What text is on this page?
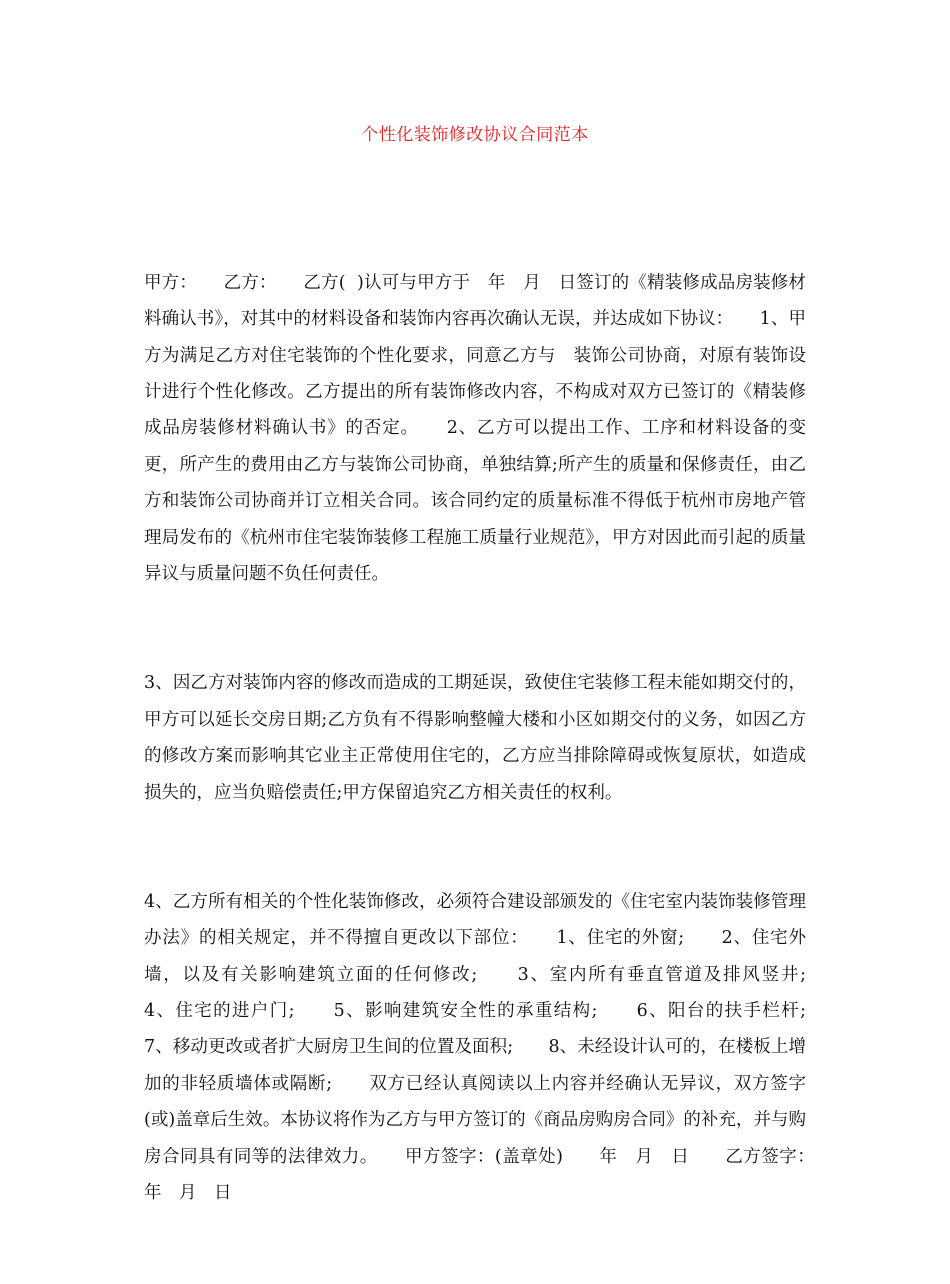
个性化装饰修改协议合同范本

甲方：　　乙方：　　乙方(  )认可与甲方于　年　月　日签订的《精装修成品房装修材料确认书》，对其中的材料设备和装饰内容再次确认无误，并达成如下协议：　　1、甲方为满足乙方对住宅装饰的个性化要求，同意乙方与　装饰公司协商，对原有装饰设计进行个性化修改。乙方提出的所有装饰修改内容，不构成对双方已签订的《精装修成品房装修材料确认书》的否定。　　2、乙方可以提出工作、工序和材料设备的变更，所产生的费用由乙方与装饰公司协商，单独结算;所产生的质量和保修责任，由乙方和装饰公司协商并订立相关合同。该合同约定的质量标准不得低于杭州市房地产管理局发布的《杭州市住宅装饰装修工程施工质量行业规范》，甲方对因此而引起的质量异议与质量问题不负任何责任。

3、因乙方对装饰内容的修改而造成的工期延误，致使住宅装修工程未能如期交付的，甲方可以延长交房日期;乙方负有不得影响整幢大楼和小区如期交付的义务，如因乙方的修改方案而影响其它业主正常使用住宅的，乙方应当排除障碍或恢复原状，如造成损失的，应当负赔偿责任;甲方保留追究乙方相关责任的权利。

4、乙方所有相关的个性化装饰修改，必须符合建设部颁发的《住宅室内装饰装修管理办法》的相关规定，并不得擅自更改以下部位：　　1、住宅的外窗;　　2、住宅外墙，以及有关影响建筑立面的任何修改;　　3、室内所有垂直管道及排风竖井;　　4、住宅的进户门;　　5、影响建筑安全性的承重结构;　　6、阳台的扶手栏杆;　　7、移动更改或者扩大厨房卫生间的位置及面积;　　8、未经设计认可的，在楼板上增加的非轻质墙体或隔断;　　双方已经认真阅读以上内容并经确认无异议，双方签字(或)盖章后生效。本协议将作为乙方与甲方签订的《商品房购房合同》的补充，并与购房合同具有同等的法律效力。　　甲方签字：(盖章处)　　年　月　日　　乙方签字：　　年　月　日
